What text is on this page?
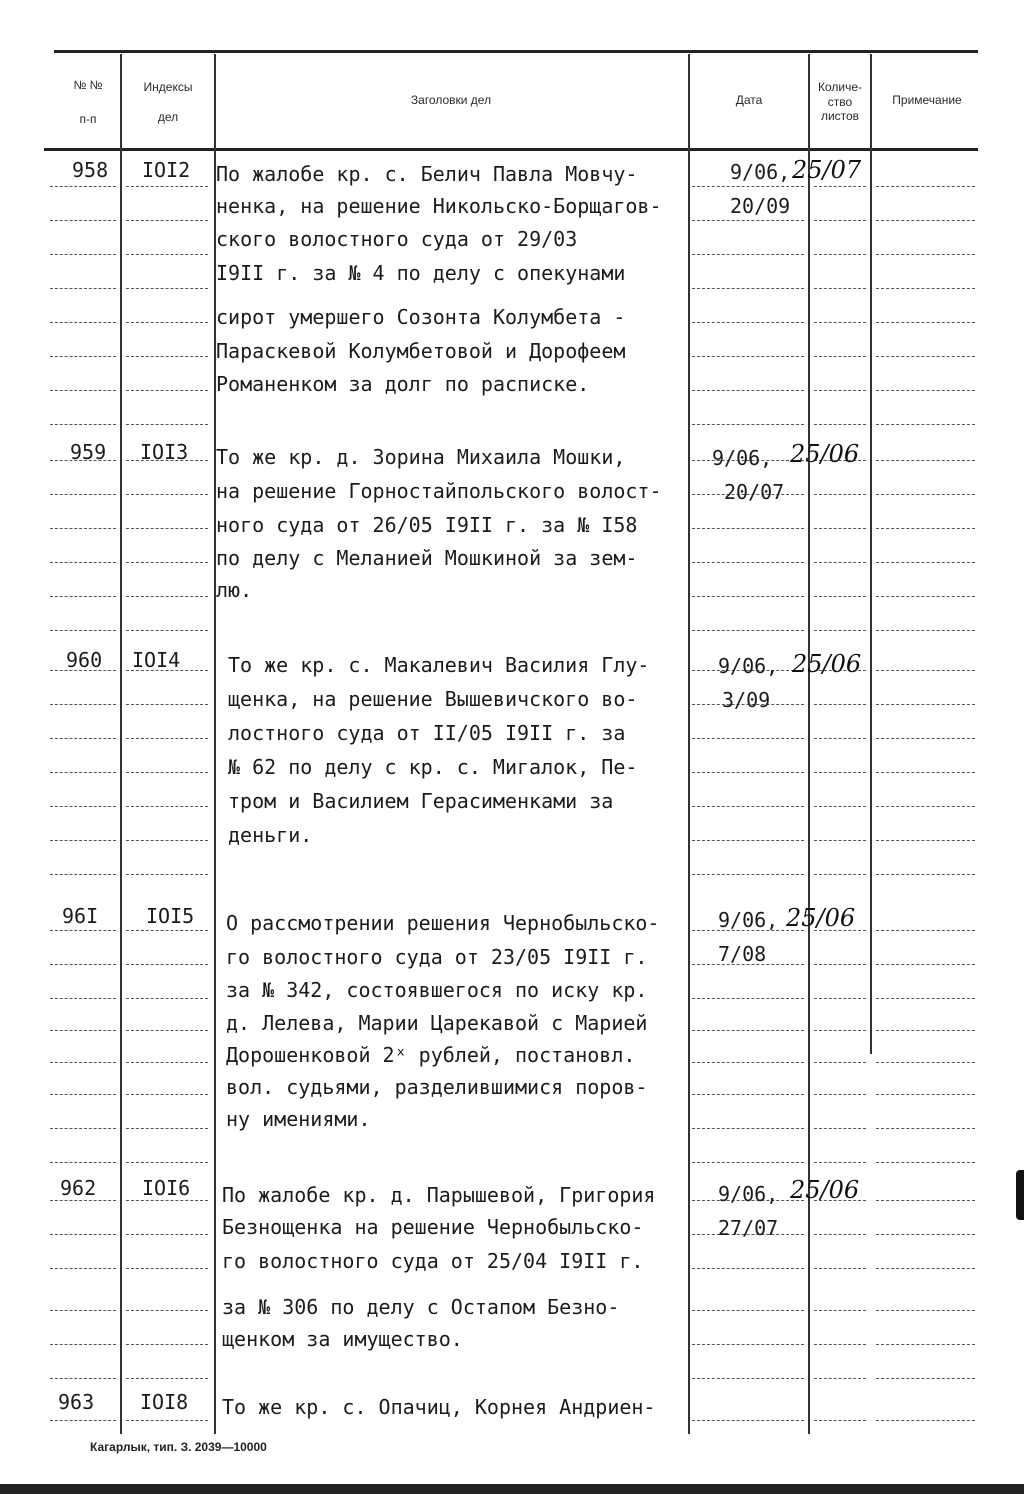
№ №
п-п
Индексы
дел
Заголовки дел	Дата
Количе-
ство
листов
Примечание
958 IOI2 По жалобе кр. с. Белич Павла Мовчу-
ненка, на решение Никольско-Борщагов-
ского волостного суда от 29/03
I9II г. за № 4 по делу с опекунами
сирот умершего Созонта Колумбета -
Параскевой Колумбетовой и Дорофеем
Романенком за долг по расписке.
9/06,
20/09
25/07
959 IOI3 То же кр. д. Зорина Михаила Мошки,
на решение Горностайпольского волост-
ного суда от 26/05 I9II г. за № I58
по делу с Меланией Мошкиной за зем-
лю.
9/06,
20/07
25/06
960 IOI4 То же кр. с. Макалевич Василия Глу-
щенка, на решение Вышевичского во-
лостного суда от II/05 I9II г. за
№ 62 по делу с кр. с. Мигалок, Пе-
тром и Василием Герасименками за
деньги.
9/06,
3/09
25/06
96I IOI5 О рассмотрении решения Чернобыльско-
го волостного суда от 23/05 I9II г.
за № 342, состоявшегося по иску кр.
д. Лелева, Марии Царекавой с Марией
Дорошенковой 2ˣ рублей, постановл.
вол. судьями, разделившимися поров-
ну имениями.
9/06,
7/08
25/06
962 IOI6 По жалобе кр. д. Парышевой, Григория
Безнощенка на решение Чернобыльско-
го волостного суда от 25/04 I9II г.
за № 306 по делу с Остапом Безно-
щенком за имущество.
9/06,
27/07
25/06
963 IOI8 То же кр. с. Опачиц, Корнея Андриен-
Кагарлык, тип. З. 2039—10000
